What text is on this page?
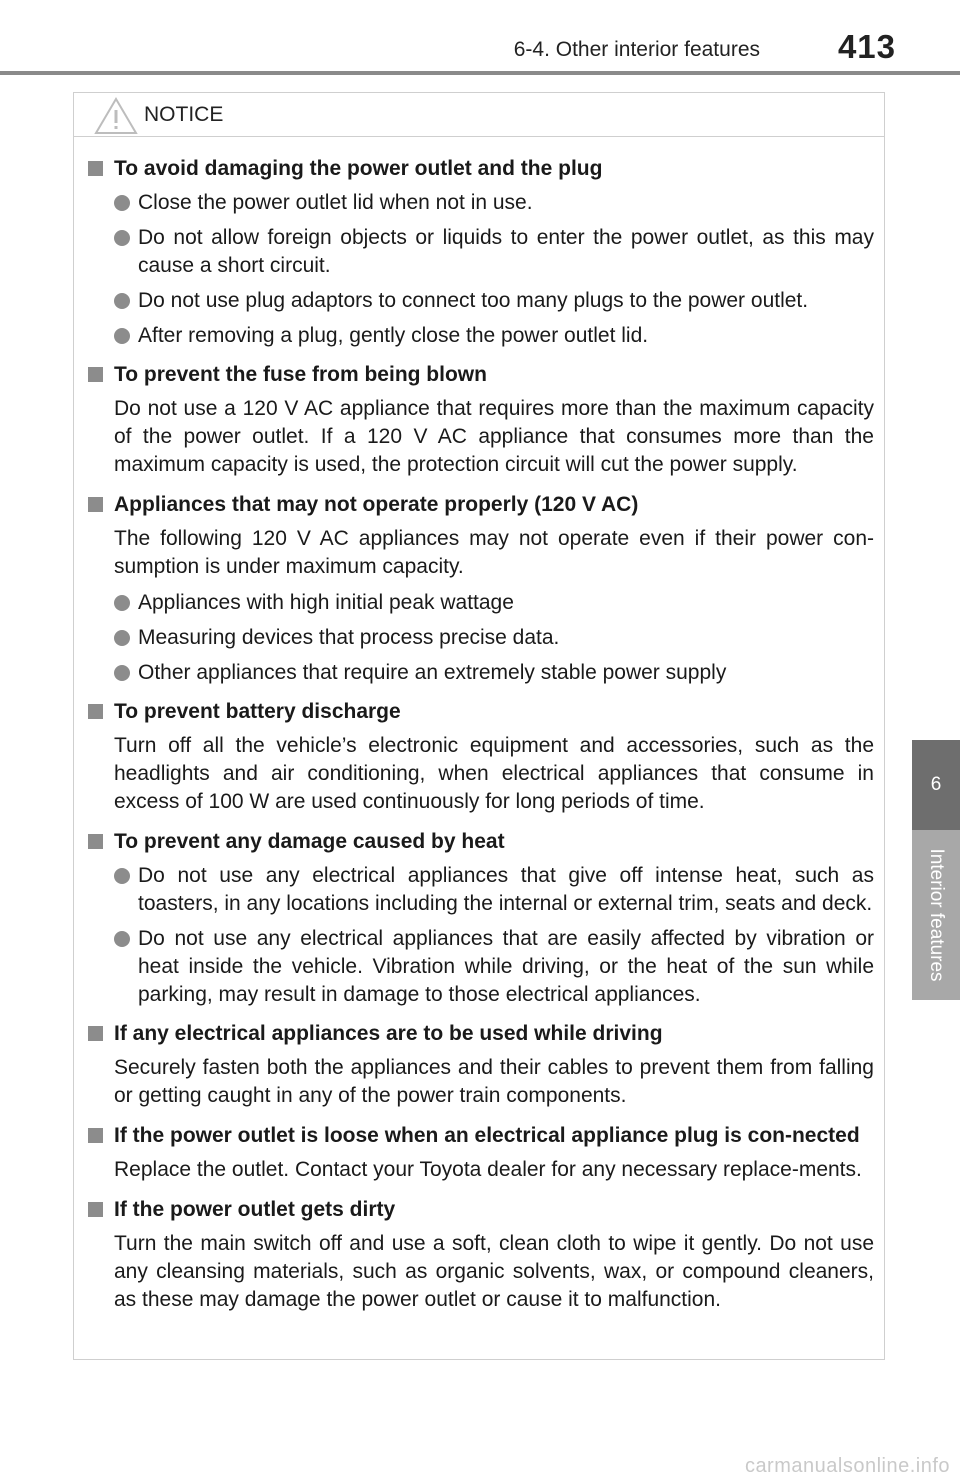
6-4. Other interior features 413
6
Interior features
NOTICE
To avoid damaging the power outlet and the plug
Close the power outlet lid when not in use.
Do not allow foreign objects or liquids to enter the power outlet, as this may cause a short circuit.
Do not use plug adaptors to connect too many plugs to the power outlet.
After removing a plug, gently close the power outlet lid.
To prevent the fuse from being blown
Do not use a 120 V AC appliance that requires more than the maximum capacity of the power outlet. If a 120 V AC appliance that consumes more than the maximum capacity is used, the protection circuit will cut the power supply.
Appliances that may not operate properly (120 V AC)
The following 120 V AC appliances may not operate even if their power con-sumption is under maximum capacity.
Appliances with high initial peak wattage
Measuring devices that process precise data.
Other appliances that require an extremely stable power supply
To prevent battery discharge
Turn off all the vehicle’s electronic equipment and accessories, such as the headlights and air conditioning, when electrical appliances that consume in excess of 100 W are used continuously for long periods of time.
To prevent any damage caused by heat
Do not use any electrical appliances that give off intense heat, such as toasters, in any locations including the internal or external trim, seats and deck.
Do not use any electrical appliances that are easily affected by vibration or heat inside the vehicle. Vibration while driving, or the heat of the sun while parking, may result in damage to those electrical appliances.
If any electrical appliances are to be used while driving
Securely fasten both the appliances and their cables to prevent them from falling or getting caught in any of the power train components.
If the power outlet is loose when an electrical appliance plug is con-nected
Replace the outlet. Contact your Toyota dealer for any necessary replace-ments.
If the power outlet gets dirty
Turn the main switch off and use a soft, clean cloth to wipe it gently. Do not use any cleansing materials, such as organic solvents, wax, or compound cleaners, as these may damage the power outlet or cause it to malfunction.
carmanualsonline.info
